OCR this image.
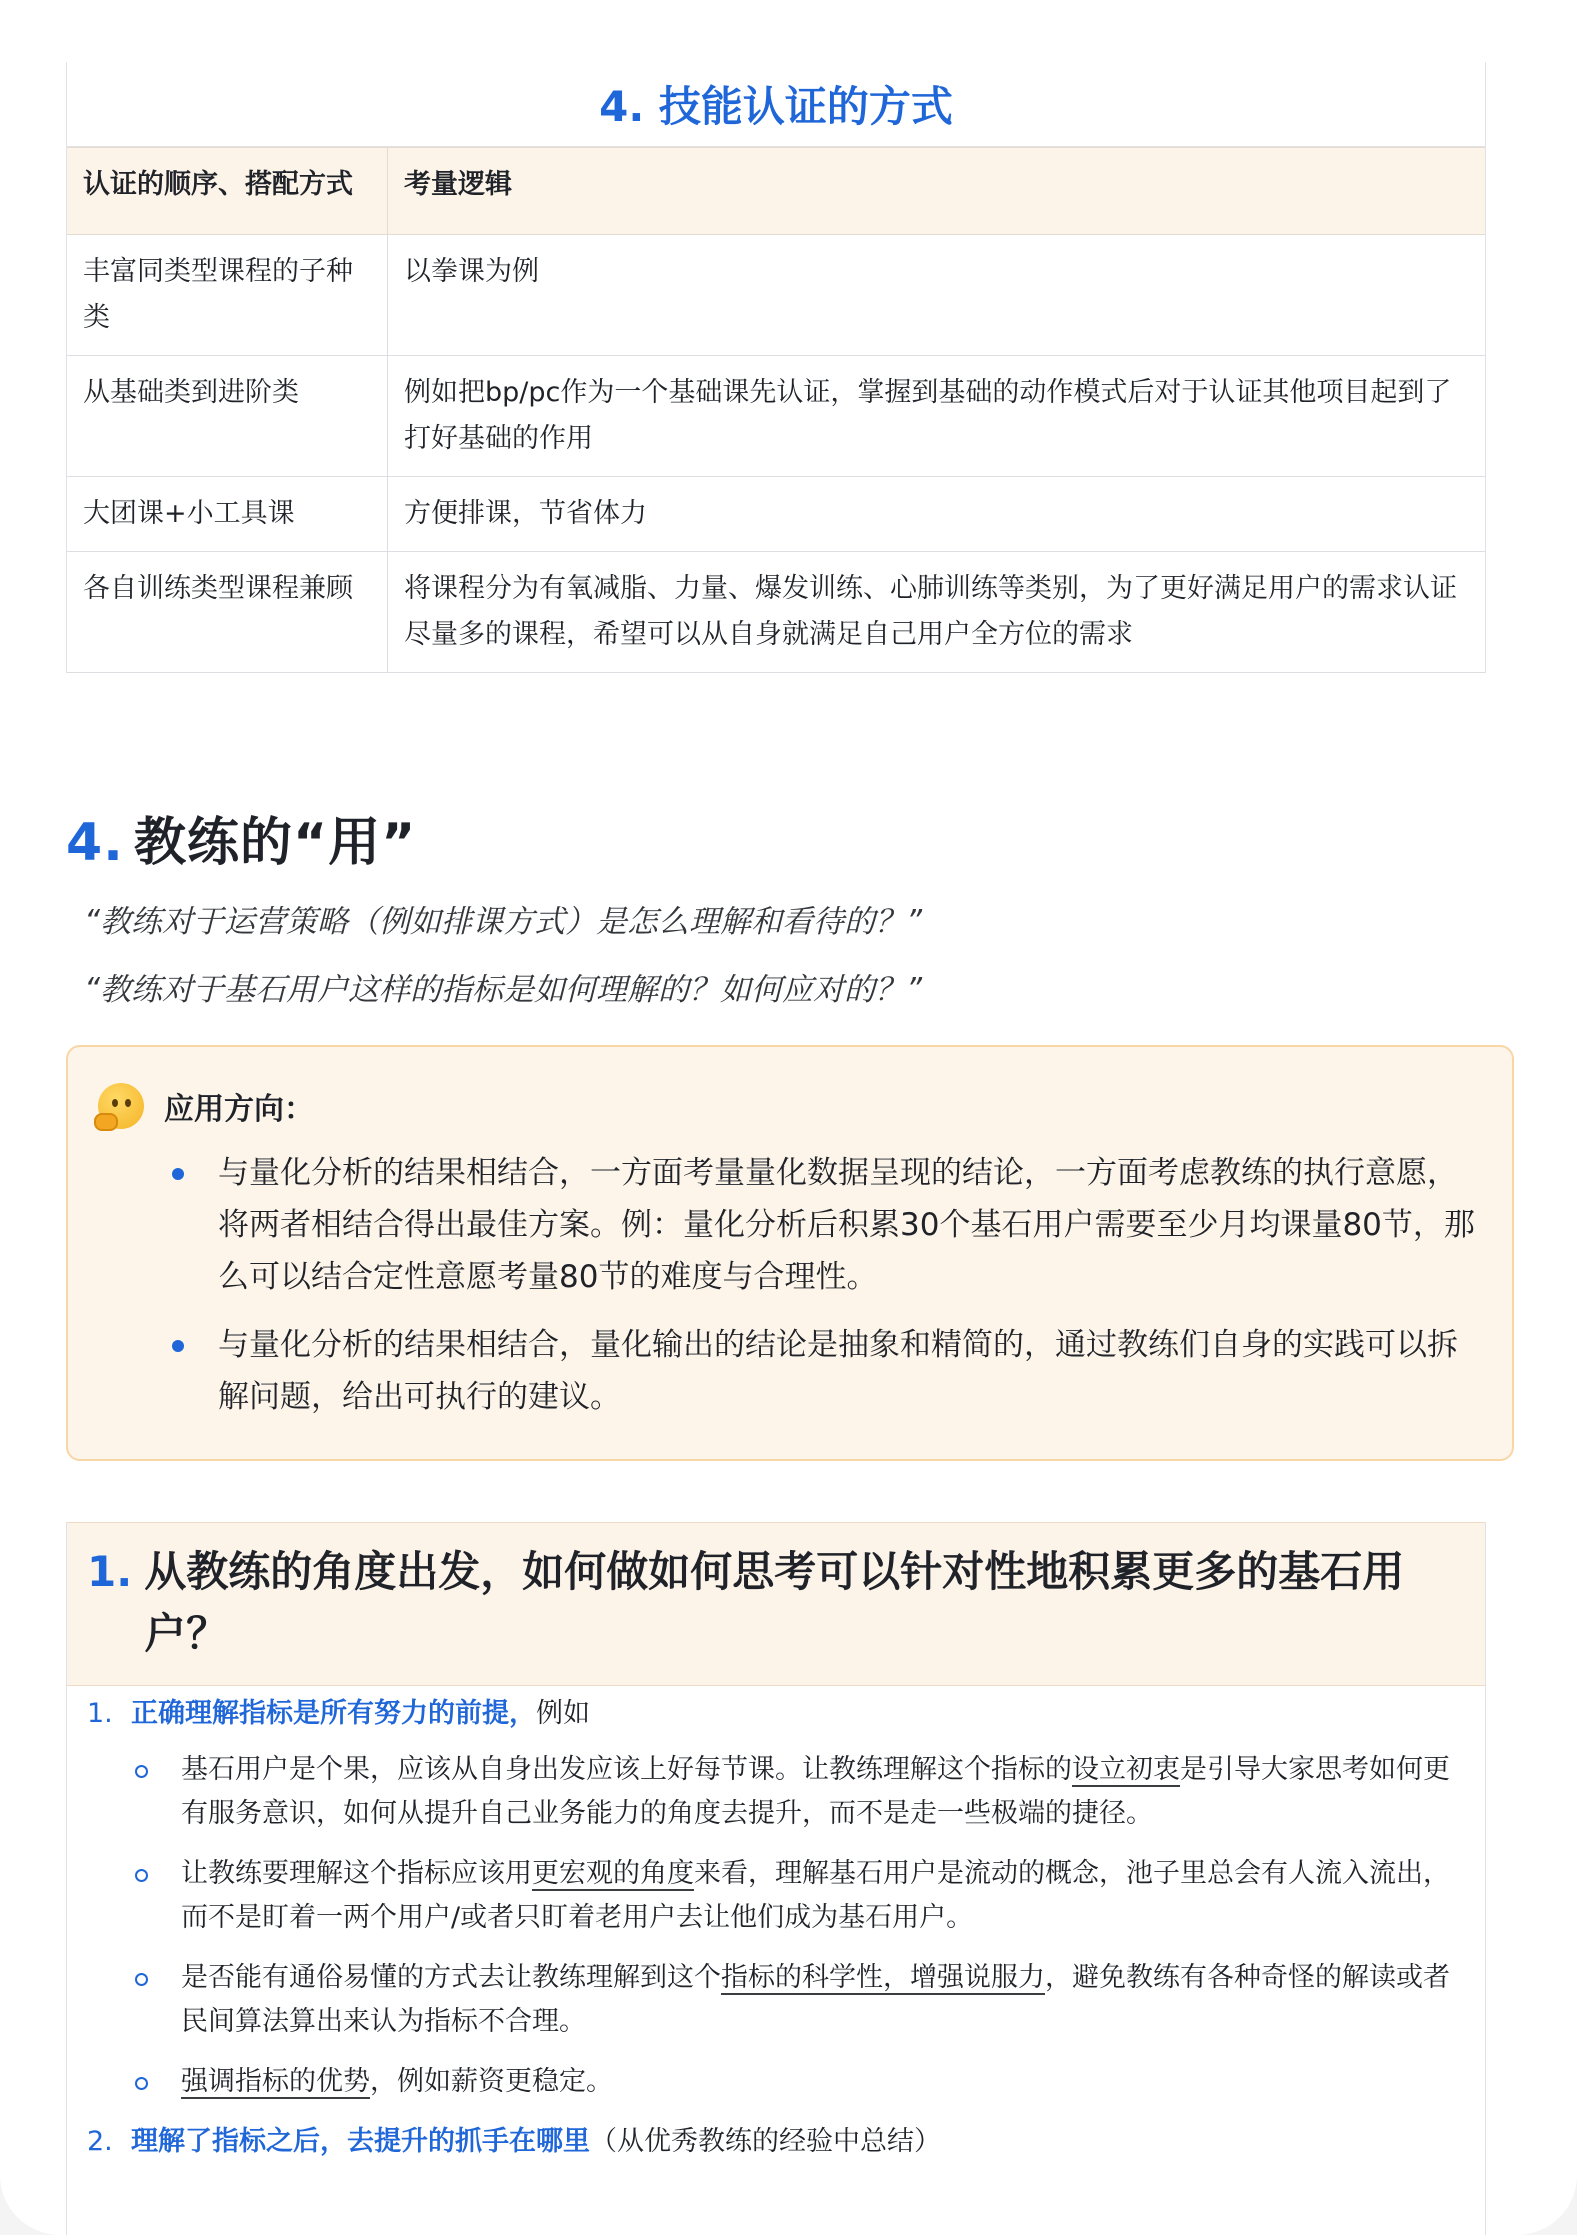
4. 技能认证的方式
认证的顺序、搭配方式	考量逻辑
丰富同类型课程的子种类	以拳课为例
从基础类到进阶类	例如把bp/pc作为一个基础课先认证，掌握到基础的动作模式后对于认证其他项目起到了打好基础的作用
大团课+小工具课	方便排课，节省体力
各自训练类型课程兼顾	将课程分为有氧减脂、力量、爆发训练、心肺训练等类别，为了更好满足用户的需求认证尽量多的课程，希望可以从自身就满足自己用户全方位的需求
4. 教练的“用”
“教练对于运营策略（例如排课方式）是怎么理解和看待的？”
“教练对于基石用户这样的指标是如何理解的？如何应对的？”
应用方向：
与量化分析的结果相结合，一方面考量量化数据呈现的结论，一方面考虑教练的执行意愿，将两者相结合得出最佳方案。例：量化分析后积累30个基石用户需要至少月均课量80节，那么可以结合定性意愿考量80节的难度与合理性。
与量化分析的结果相结合，量化输出的结论是抽象和精简的，通过教练们自身的实践可以拆解问题，给出可执行的建议。
1. 从教练的角度出发，如何做如何思考可以针对性地积累更多的基石用户？
1. 正确理解指标是所有努力的前提，例如
基石用户是个果，应该从自身出发应该上好每节课。让教练理解这个指标的设立初衷是引导大家思考如何更有服务意识，如何从提升自己业务能力的角度去提升，而不是走一些极端的捷径。
让教练要理解这个指标应该用更宏观的角度来看，理解基石用户是流动的概念，池子里总会有人流入流出，而不是盯着一两个用户/或者只盯着老用户去让他们成为基石用户。
是否能有通俗易懂的方式去让教练理解到这个指标的科学性，增强说服力，避免教练有各种奇怪的解读或者民间算法算出来认为指标不合理。
强调指标的优势，例如薪资更稳定。
2. 理解了指标之后，去提升的抓手在哪里（从优秀教练的经验中总结）
